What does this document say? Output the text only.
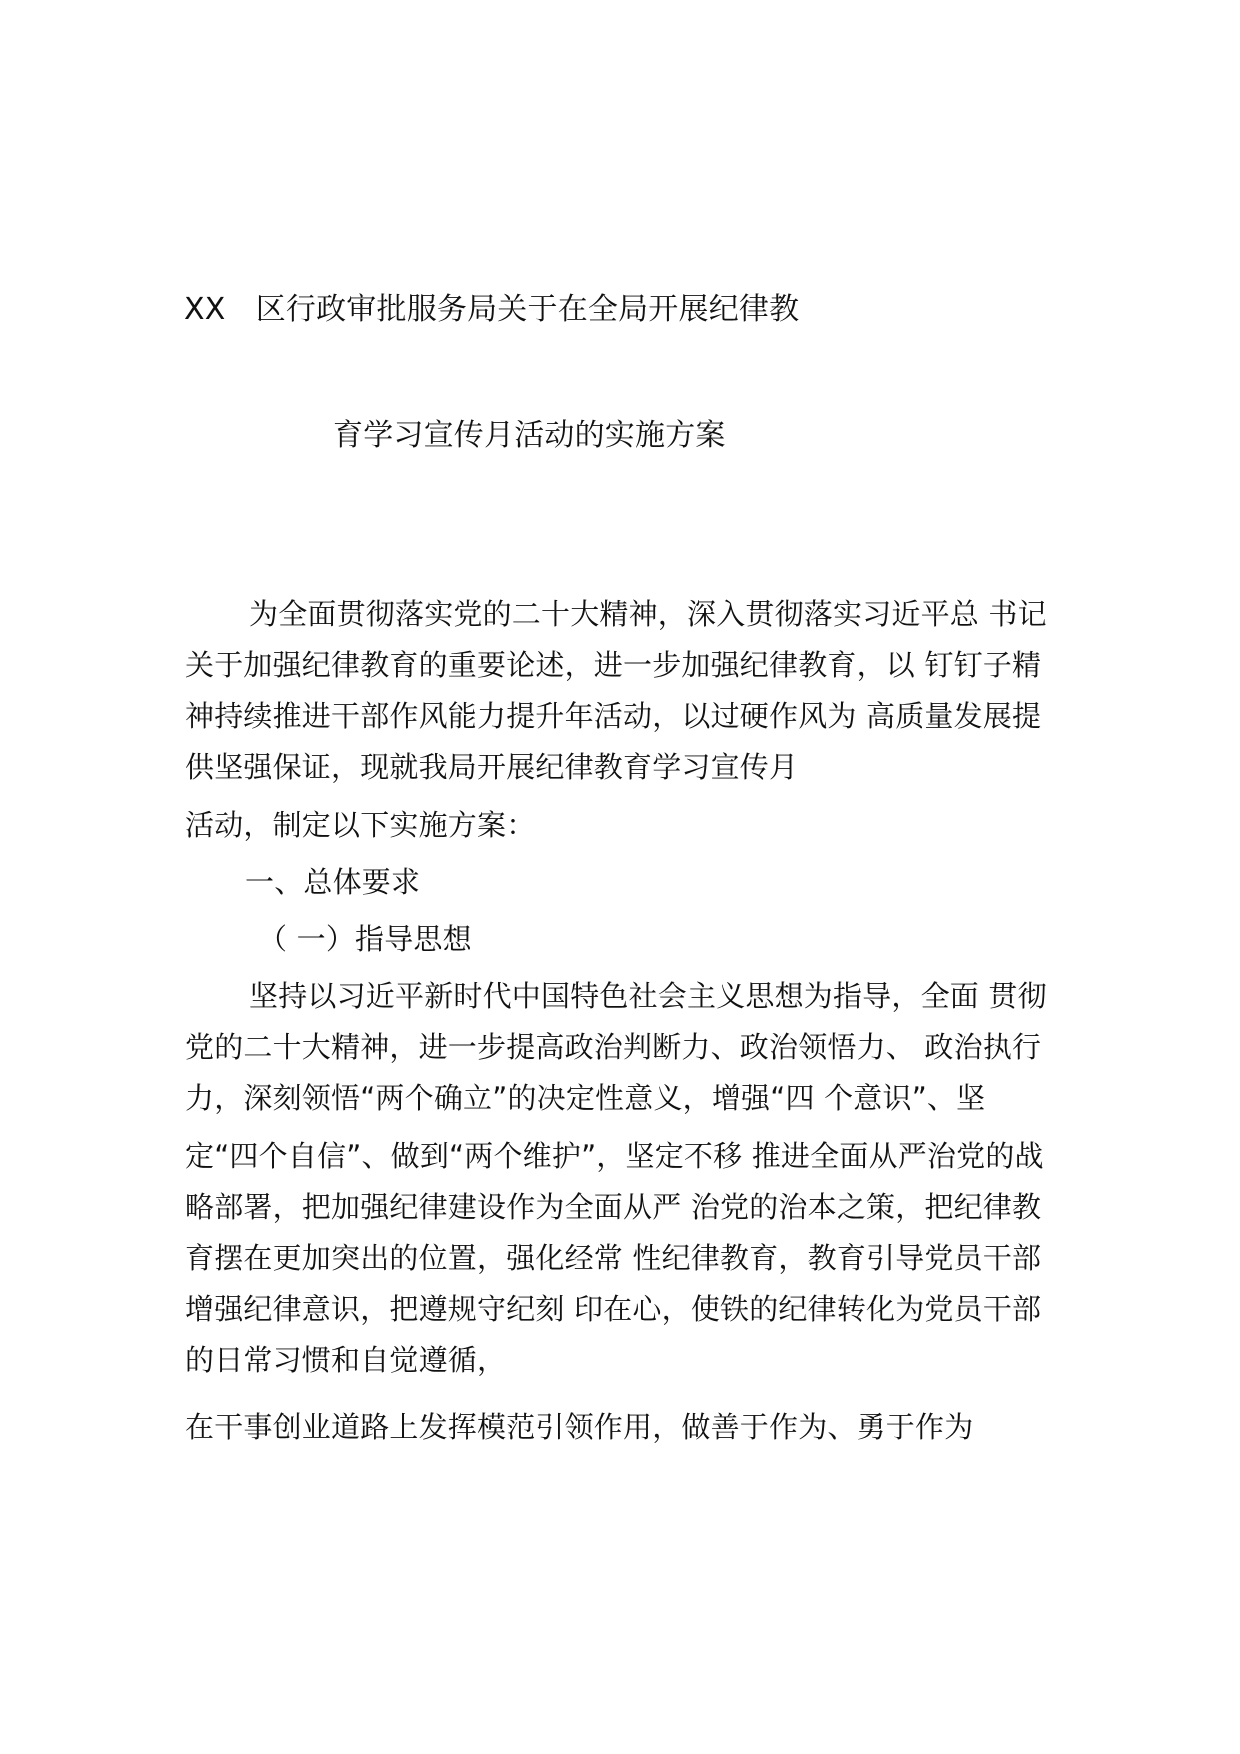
XX　区行政审批服务局关于在全局开展纪律教
育学习宣传月活动的实施方案
为全面贯彻落实党的二十大精神，深入贯彻落实习近平总 书记
关于加强纪律教育的重要论述，进一步加强纪律教育，以 钉钉子精
神持续推进干部作风能力提升年活动，以过硬作风为 高质量发展提
供坚强保证，现就我局开展纪律教育学习宣传月
活动，制定以下实施方案：
一、总体要求
（ 一）指导思想
坚持以习近平新时代中国特色社会主义思想为指导，全面 贯彻
党的二十大精神，进一步提高政治判断力、政治领悟力、 政治执行
力，深刻领悟“两个确立”的决定性意义，增强“四 个意识”、坚
定“四个自信”、做到“两个维护”，坚定不移 推进全面从严治党的战
略部署，把加强纪律建设作为全面从严 治党的治本之策，把纪律教
育摆在更加突出的位置，强化经常 性纪律教育，教育引导党员干部
增强纪律意识，把遵规守纪刻 印在心，使铁的纪律转化为党员干部
的日常习惯和自觉遵循，
在干事创业道路上发挥模范引领作用，做善于作为、勇于作为
